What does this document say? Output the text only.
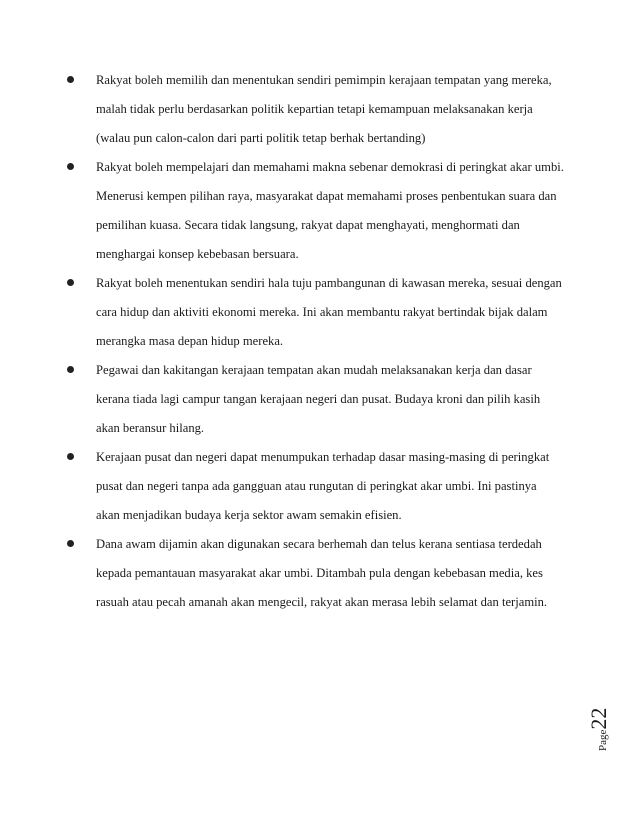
Rakyat boleh memilih dan menentukan sendiri pemimpin kerajaan tempatan yang mereka,
malah tidak perlu berdasarkan politik kepartian tetapi kemampuan melaksanakan kerja
(walau pun calon-calon dari parti politik tetap berhak bertanding)

Rakyat boleh mempelajari dan memahami makna sebenar demokrasi di peringkat akar umbi.
Menerusi kempen pilihan raya, masyarakat dapat memahami proses penbentukan suara dan
pemilihan kuasa. Secara tidak langsung, rakyat dapat menghayati, menghormati dan
menghargai konsep kebebasan bersuara.

Rakyat boleh menentukan sendiri hala tuju pambangunan di kawasan mereka, sesuai dengan
cara hidup dan aktiviti ekonomi mereka. Ini akan membantu rakyat bertindak bijak dalam
merangka masa depan hidup mereka.

Pegawai dan kakitangan kerajaan tempatan akan mudah melaksanakan kerja dan dasar
kerana tiada lagi campur tangan kerajaan negeri dan pusat. Budaya kroni dan pilih kasih
akan beransur hilang.

Kerajaan pusat dan negeri dapat menumpukan terhadap dasar masing-masing di peringkat
pusat dan negeri tanpa ada gangguan atau rungutan di peringkat akar umbi. Ini pastinya
akan menjadikan budaya kerja sektor awam semakin efisien.

Dana awam dijamin akan digunakan secara berhemah dan telus kerana sentiasa terdedah
kepada pemantauan masyarakat akar umbi. Ditambah pula dengan kebebasan media, kes
rasuah atau pecah amanah akan mengecil, rakyat akan merasa lebih selamat dan terjamin.

Page22
